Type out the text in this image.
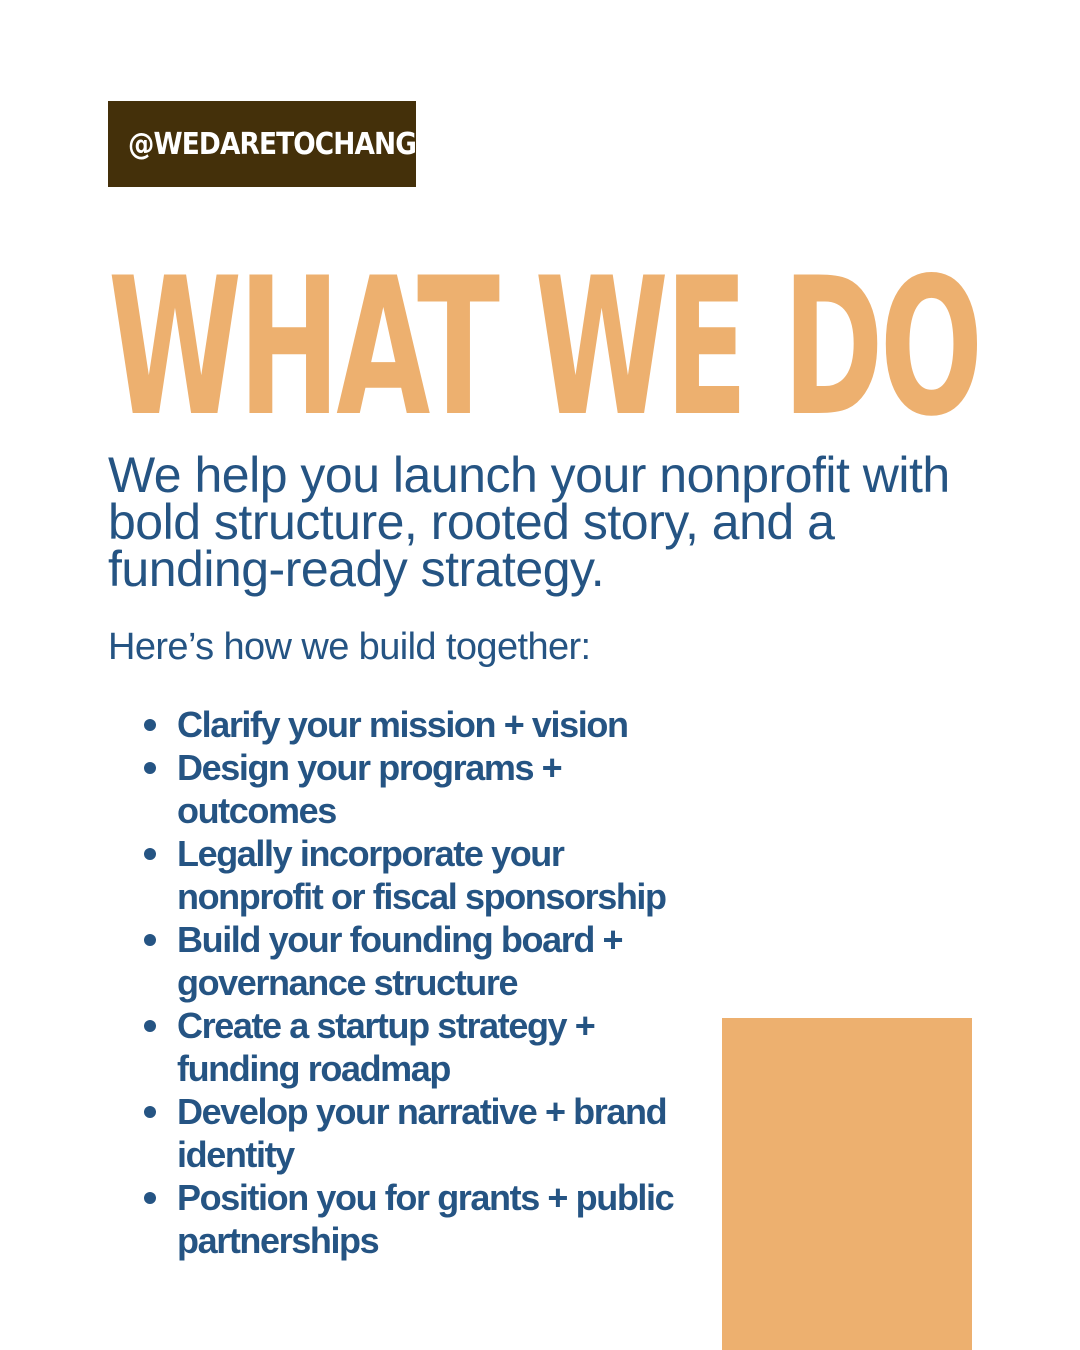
@WEDARETOCHANGE
WHAT WE DO

We help you launch your nonprofit with bold structure, rooted story, and a funding-ready strategy.

Here’s how we build together:

Clarify your mission + vision
Design your programs + outcomes
Legally incorporate your nonprofit or fiscal sponsorship
Build your founding board + governance structure
Create a startup strategy + funding roadmap
Develop your narrative + brand identity
Position you for grants + public partnerships
